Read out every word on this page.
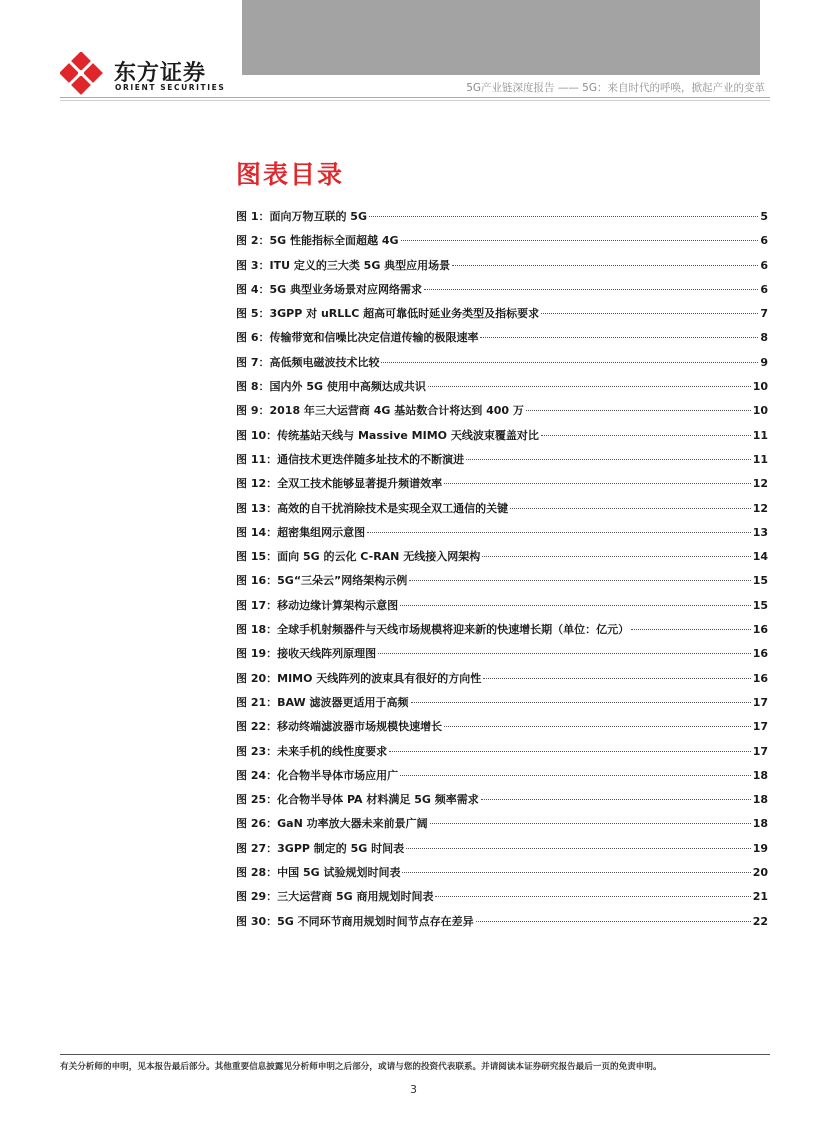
东方证券
ORIENT SECURITIES	5G产业链深度报告 —— 5G：来自时代的呼唤，掀起产业的变革
图表目录
图 1：面向万物互联的 5G	5
图 2：5G 性能指标全面超越 4G	6
图 3：ITU 定义的三大类 5G 典型应用场景	6
图 4：5G 典型业务场景对应网络需求	6
图 5：3GPP 对 uRLLC 超高可靠低时延业务类型及指标要求	7
图 6：传输带宽和信噪比决定信道传输的极限速率	8
图 7：高低频电磁波技术比较	9
图 8：国内外 5G 使用中高频达成共识	10
图 9：2018 年三大运营商 4G 基站数合计将达到 400 万	10
图 10：传统基站天线与 Massive MIMO 天线波束覆盖对比	11
图 11：通信技术更迭伴随多址技术的不断演进	11
图 12：全双工技术能够显著提升频谱效率	12
图 13：高效的自干扰消除技术是实现全双工通信的关键	12
图 14：超密集组网示意图	13
图 15：面向 5G 的云化 C-RAN 无线接入网架构	14
图 16：5G“三朵云”网络架构示例	15
图 17：移动边缘计算架构示意图	15
图 18：全球手机射频器件与天线市场规模将迎来新的快速增长期（单位：亿元）	16
图 19：接收天线阵列原理图	16
图 20：MIMO 天线阵列的波束具有很好的方向性	16
图 21：BAW 滤波器更适用于高频	17
图 22：移动终端滤波器市场规模快速增长	17
图 23：未来手机的线性度要求	17
图 24：化合物半导体市场应用广	18
图 25：化合物半导体 PA 材料满足 5G 频率需求	18
图 26：GaN 功率放大器未来前景广阔	18
图 27：3GPP 制定的 5G 时间表	19
图 28：中国 5G 试验规划时间表	20
图 29：三大运营商 5G 商用规划时间表	21
图 30：5G 不同环节商用规划时间节点存在差异	22
有关分析师的申明，见本报告最后部分。其他重要信息披露见分析师申明之后部分，或请与您的投资代表联系。并请阅读本证券研究报告最后一页的免责申明。
3
